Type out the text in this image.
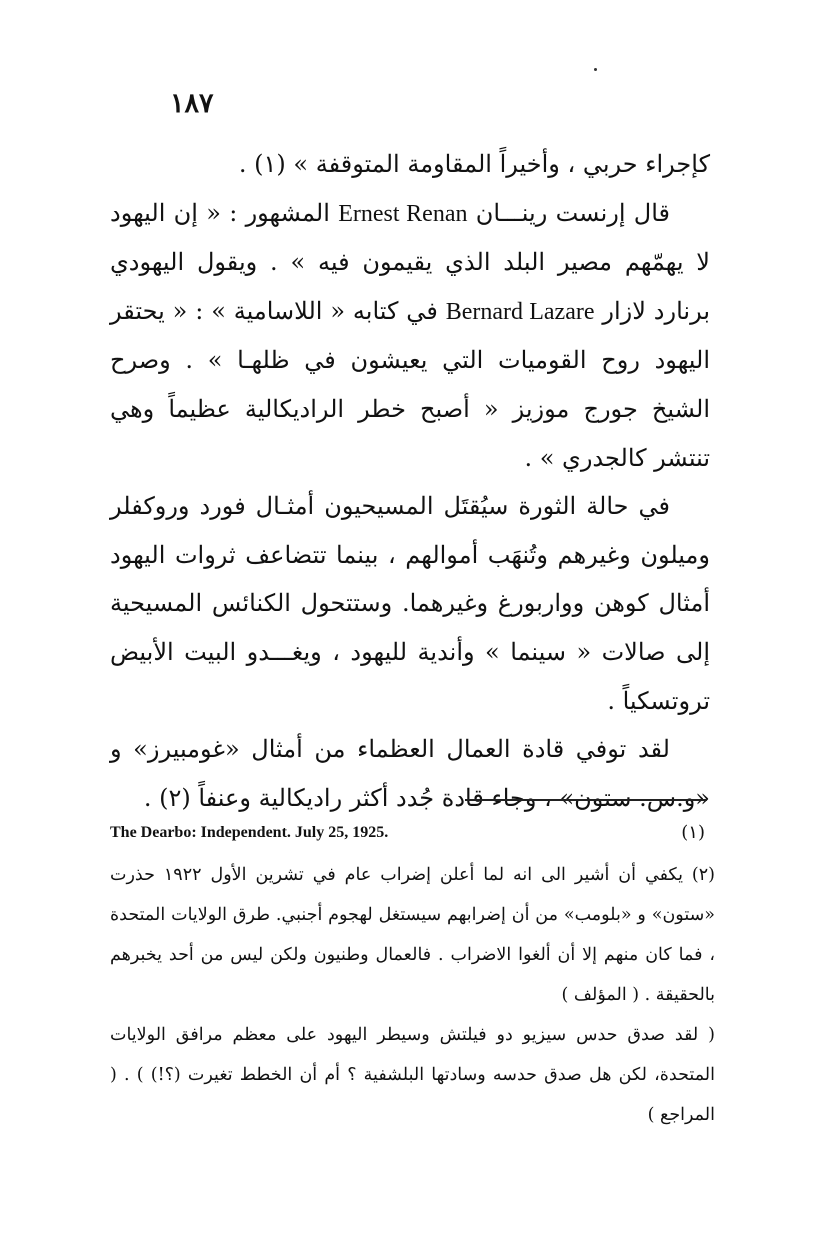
١٨٧

كإجراء حربي ، وأخيراً المقاومة المتوقفة » (١) .

قال إرنست رينـــان Ernest Renan المشهور : « إن اليهود لا يهمّهم مصير البلد الذي يقيمون فيه » . ويقول اليهودي برنارد لازار Bernard Lazare في كتابه « اللاسامية » : « يحتقر اليهود روح القوميات التي يعيشون في ظلهـا » . وصرح الشيخ جورج موزيز « أصبح خطر الراديكالية عظيماً وهي تنتشر كالجدري » .

في حالة الثورة سيُقتَل المسيحيون أمثـال فورد وروكفلر وميلون وغيرهم وتُنهَب أموالهم ، بينما تتضاعف ثروات اليهود أمثال كوهن وواربورغ وغيرهما. وستتحول الكنائس المسيحية إلى صالات « سينما » وأندية لليهود ، ويغـــدو البيت الأبيض تروتسكياً .

لقد توفي قادة العمال العظماء من أمثال «غومبيرز» و «و.س. ستون» ، وجاء قادة جُدد أكثر راديكالية وعنفاً (٢) .

The Dearbo: Independent. July 25, 1925.	(١)

(٢) يكفي أن أشير الى انه لما أعلن إضراب عام في تشرين الأول ١٩٢٢ حذرت «ستون» و «بلومب» من أن إضرابهم سيستغل لهجوم أجنبي. طرق الولايات المتحدة ، فما كان منهم إلا أن ألغوا الاضراب . فالعمال وطنيون ولكن ليس من أحد يخبرهم بالحقيقة . ( المؤلف )

( لقد صدق حدس سيزيو دو فيلتش وسيطر اليهود على معظم مرافق الولايات المتحدة، لكن هل صدق حدسه وسادتها البلشفية ؟ أم أن الخطط تغيرت (؟!) ) . ( المراجع )
